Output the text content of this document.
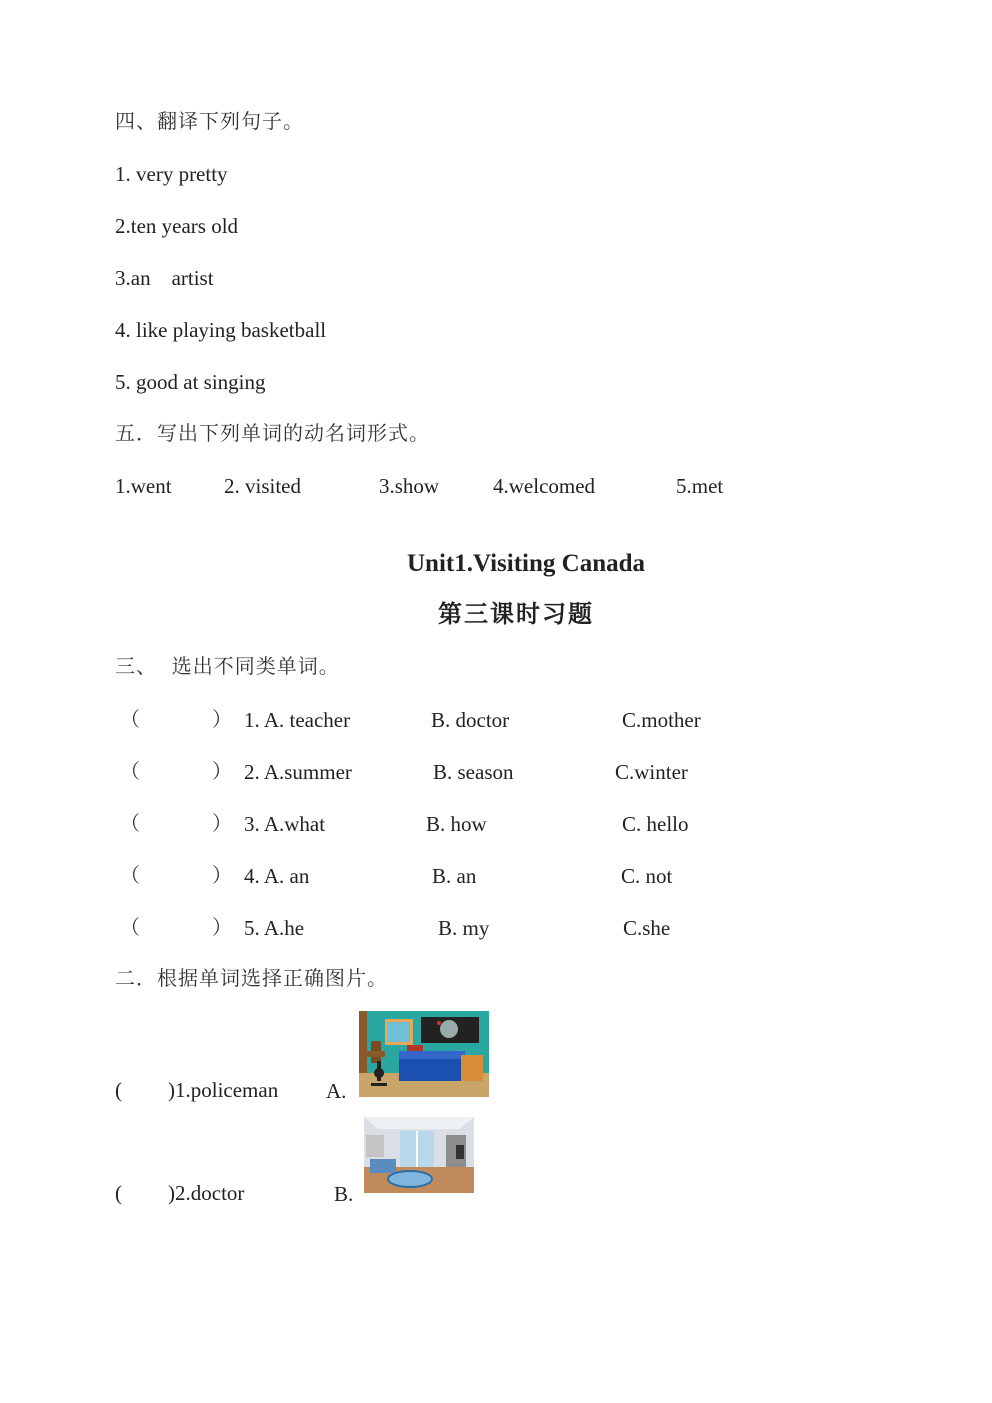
四、翻译下列句子。
1. very pretty
2.ten years old
3.an    artist
4. like playing basketball
5. good at singing
五．写出下列单词的动名词形式。
1.went 2. visited	3.show	4.welcomed	5.met
Unit1.Visiting Canada
第三课时习题
三、  选出不同类单词。
（	） 1. A. teacher	B. doctor	C.mother
（	） 2. A.summer	B. season	C.winter
（	） 3. A.what	B. how	C. hello
（	） 4. A. an	B. an	C. not
（	） 5. A.he	B. my	C.she
二．根据单词选择正确图片。
( )1.policeman A.
( )2.doctor	B.
